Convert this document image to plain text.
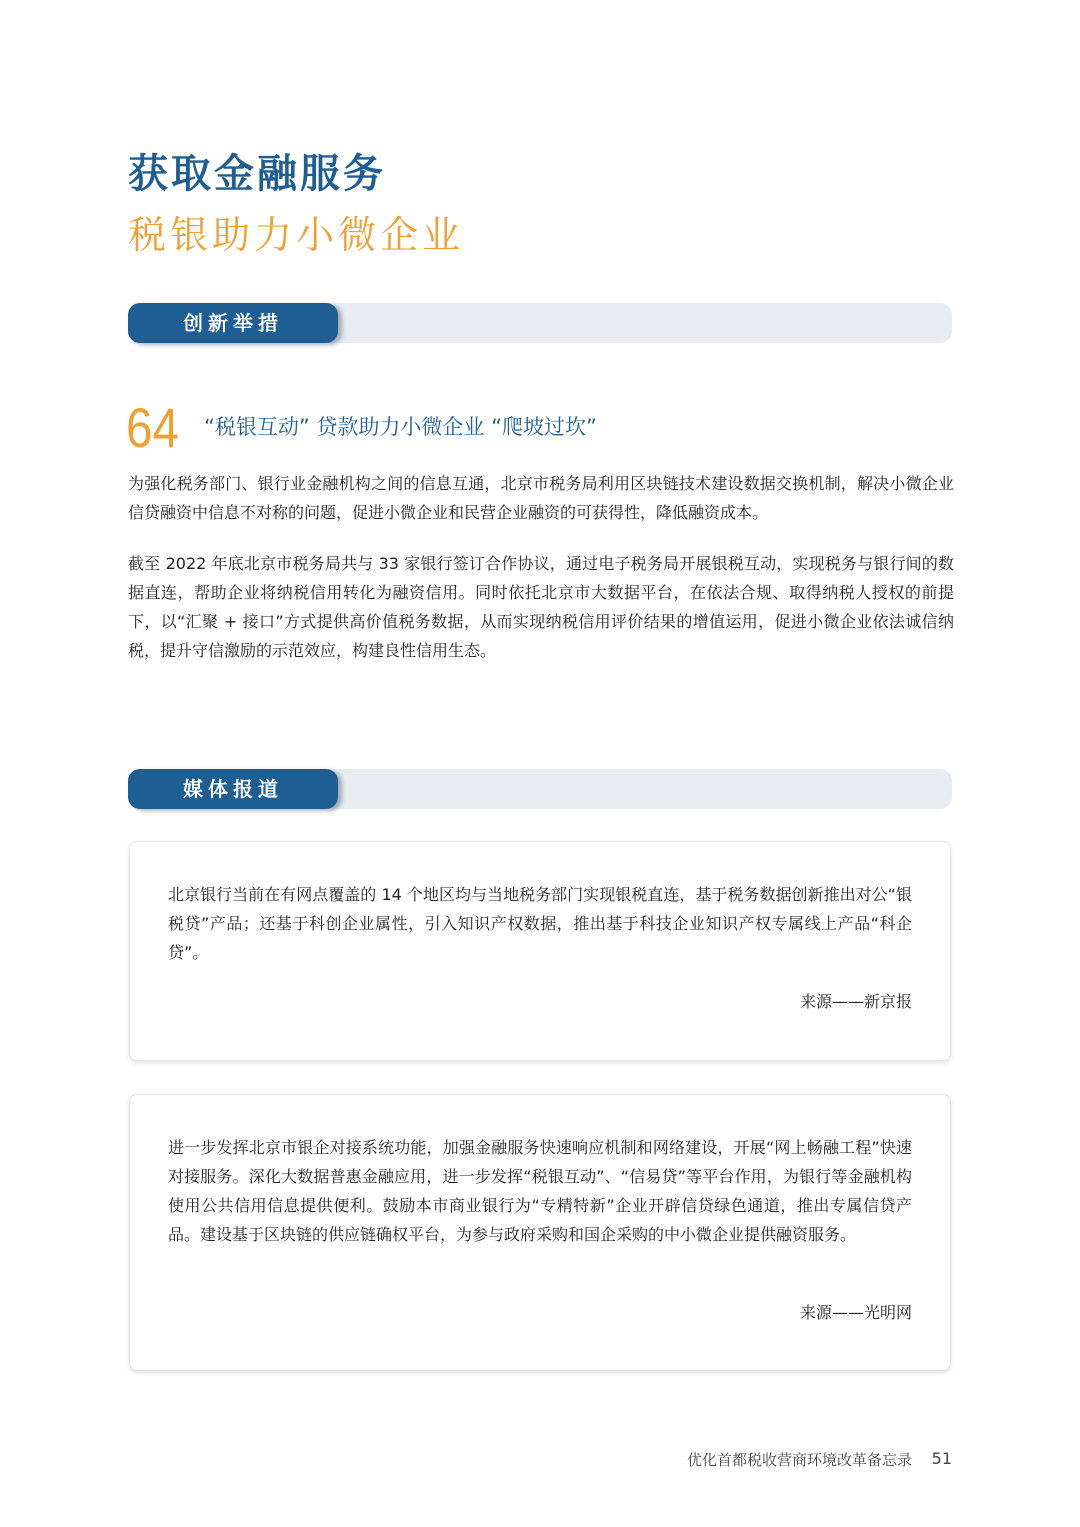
获取金融服务
税银助力小微企业
创新举措
64 “税银互动” 贷款助力小微企业 “爬坡过坎”

为强化税务部门、银行业金融机构之间的信息互通，北京市税务局利用区块链技术建设数据交换机制，解决小微企业信贷融资中信息不对称的问题，促进小微企业和民营企业融资的可获得性，降低融资成本。

截至 2022 年底北京市税务局共与 33 家银行签订合作协议，通过电子税务局开展银税互动，实现税务与银行间的数据直连，帮助企业将纳税信用转化为融资信用。同时依托北京市大数据平台，在依法合规、取得纳税人授权的前提下，以“汇聚 + 接口”方式提供高价值税务数据，从而实现纳税信用评价结果的增值运用，促进小微企业依法诚信纳税，提升守信激励的示范效应，构建良性信用生态。

媒体报道

北京银行当前在有网点覆盖的 14 个地区均与当地税务部门实现银税直连，基于税务数据创新推出对公“银税贷”产品；还基于科创企业属性，引入知识产权数据，推出基于科技企业知识产权专属线上产品“科企贷”。

来源——新京报

进一步发挥北京市银企对接系统功能，加强金融服务快速响应机制和网络建设，开展“网上畅融工程”快速对接服务。深化大数据普惠金融应用，进一步发挥“税银互动”、“信易贷”等平台作用，为银行等金融机构使用公共信用信息提供便利。鼓励本市商业银行为“专精特新”企业开辟信贷绿色通道，推出专属信贷产品。建设基于区块链的供应链确权平台，为参与政府采购和国企采购的中小微企业提供融资服务。

来源——光明网
优化首都税收营商环境改革备忘录 51
